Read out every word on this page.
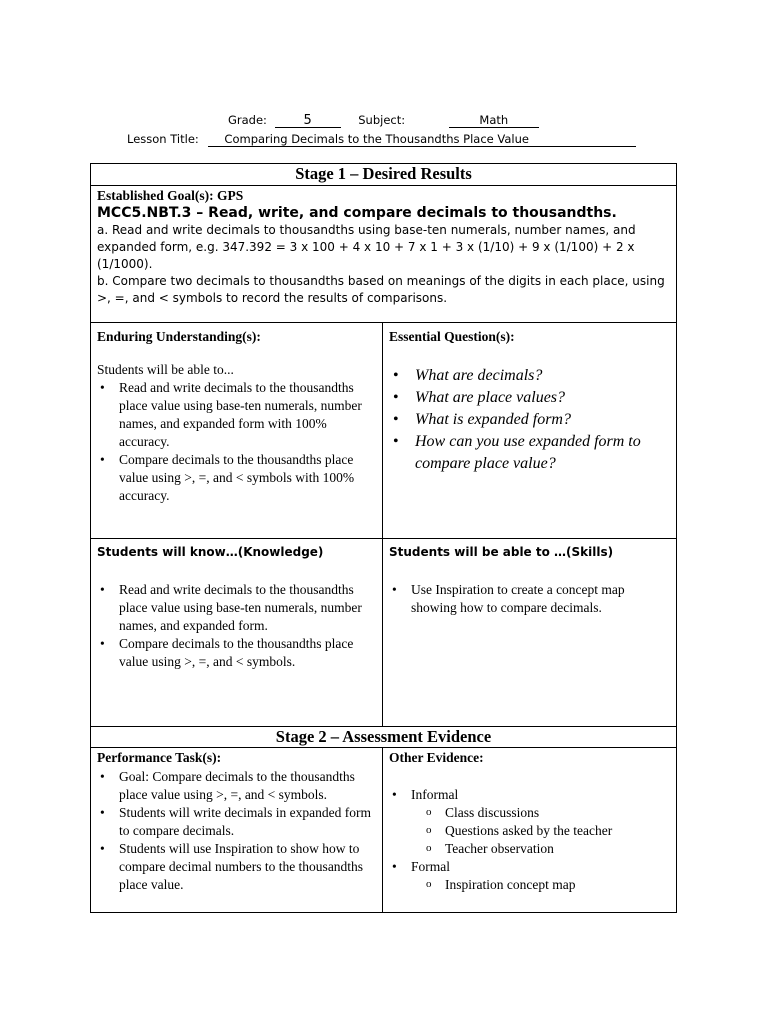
Grade:	5	Subject:	Math
Lesson Title: Comparing Decimals to the Thousandths Place Value
Stage 1 – Desired Results
Established Goal(s): GPS
MCC5.NBT.3 – Read, write, and compare decimals to thousandths.
a. Read and write decimals to thousandths using base-ten numerals, number names, and expanded form, e.g. 347.392 = 3 x 100 + 4 x 10 + 7 x 1 + 3 x (1/10) + 9 x (1/100) + 2 x (1/1000).
b. Compare two decimals to thousandths based on meanings of the digits in each place, using >, =, and < symbols to record the results of comparisons.
Enduring Understanding(s):
Students will be able to...
• Read and write decimals to the thousandths place value using base-ten numerals, number names, and expanded form with 100% accuracy.
• Compare decimals to the thousandths place value using >, =, and < symbols with 100% accuracy.
Essential Question(s):
• What are decimals?
• What are place values?
• What is expanded form?
• How can you use expanded form to compare place value?
Students will know…(Knowledge)
• Read and write decimals to the thousandths place value using base-ten numerals, number names, and expanded form.
• Compare decimals to the thousandths place value using >, =, and < symbols.
Students will be able to …(Skills)
• Use Inspiration to create a concept map showing how to compare decimals.
Stage 2 – Assessment Evidence
Performance Task(s):
• Goal: Compare decimals to the thousandths place value using >, =, and < symbols.
• Students will write decimals in expanded form to compare decimals.
• Students will use Inspiration to show how to compare decimal numbers to the thousandths place value.
Other Evidence:
• Informal
o Class discussions
o Questions asked by the teacher
o Teacher observation
• Formal
o Inspiration concept map
